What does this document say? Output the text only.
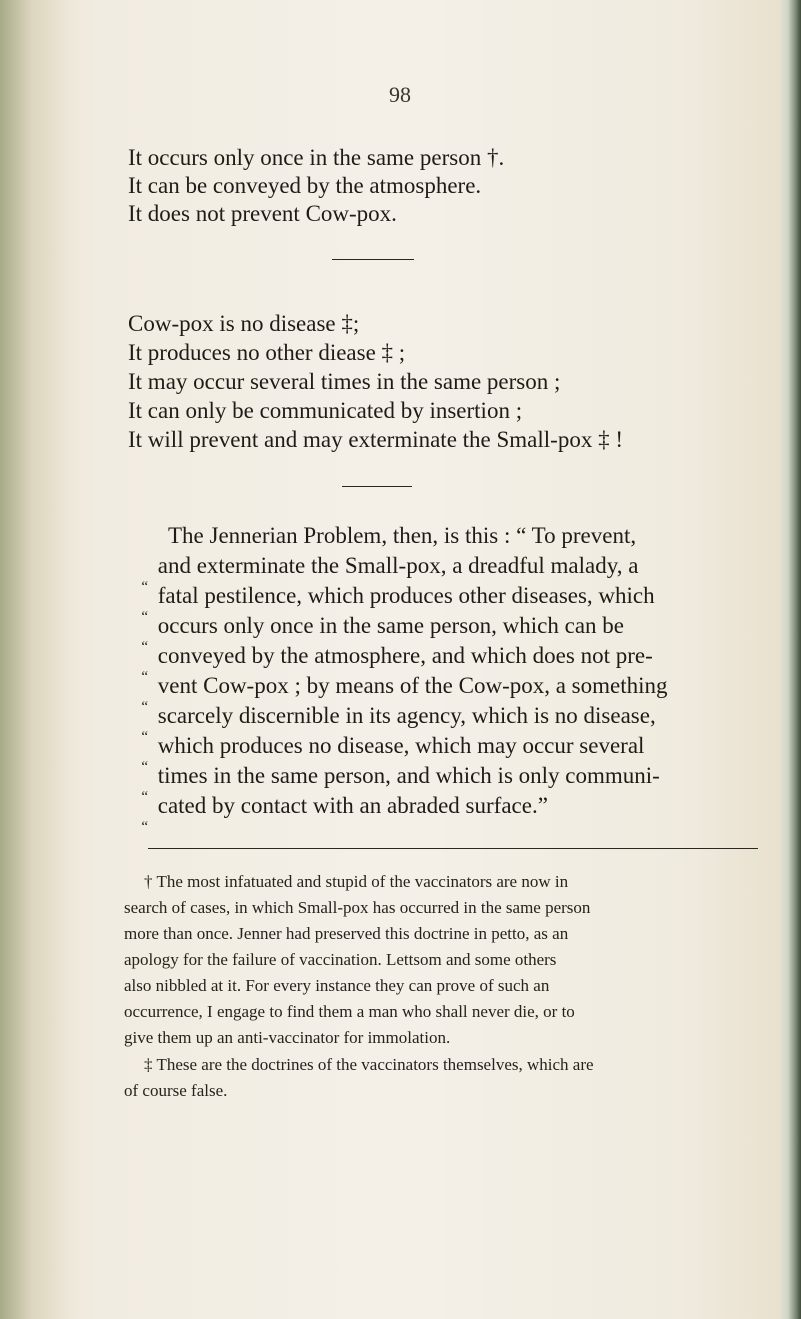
98
It occurs only once in the same person †.
It can be conveyed by the atmosphere.
It does not prevent Cow-pox.
Cow-pox is no disease ‡;
It produces no other diease ‡ ;
It may occur several times in the same person ;
It can only be communicated by insertion ;
It will prevent and may exterminate the Small-pox ‡ !
The Jennerian Problem, then, is this : “ To prevent,
“
and exterminate the Small-pox, a dreadful malady, a
“
fatal pestilence, which produces other diseases, which
“
occurs only once in the same person, which can be
“
conveyed by the atmosphere, and which does not pre-
“
vent Cow-pox ; by means of the Cow-pox, a something
“
scarcely discernible in its agency, which is no disease,
“
which produces no disease, which may occur several
“
times in the same person, and which is only communi-
“
cated by contact with an abraded surface.”
† The most infatuated and stupid of the vaccinators are now in
search of cases, in which Small-pox has occurred in the same person
more than once. Jenner had preserved this doctrine in petto, as an
apology for the failure of vaccination. Lettsom and some others
also nibbled at it. For every instance they can prove of such an
occurrence, I engage to find them a man who shall never die, or to
give them up an anti-vaccinator for immolation.
‡ These are the doctrines of the vaccinators themselves, which are
of course false.
